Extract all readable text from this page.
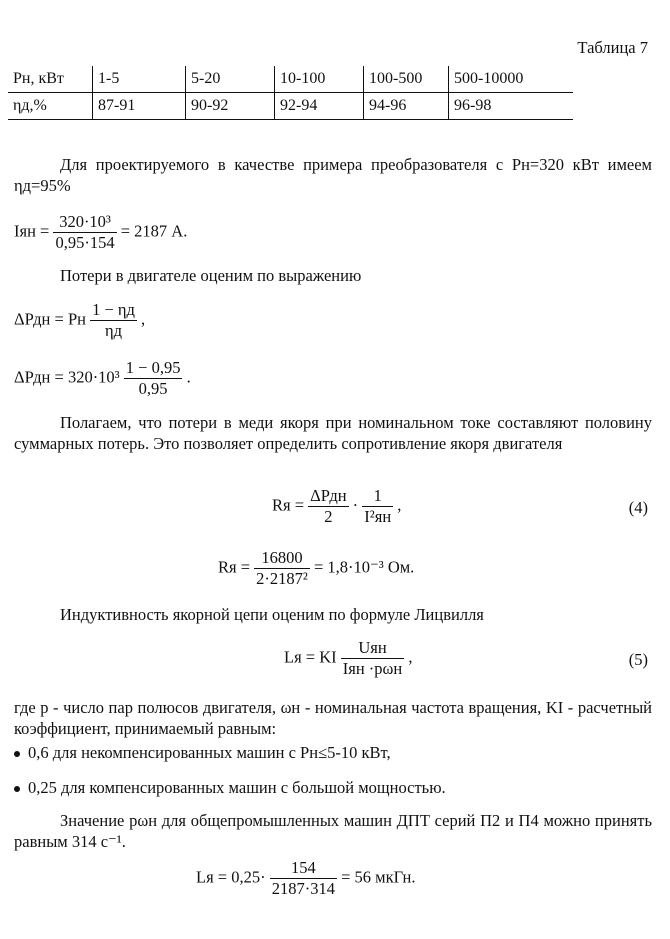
Таблица 7
Рн, кВт	1-5	5-20	10-100	100-500	500-10000
ηд,%	87-91	90-92	92-94	94-96	96-98
Для проектируемого в качестве примера преобразователя с Рн=320 кВт имеем ηд=95%
Iян = $\frac{\text{320·10³}}{0,95\cdot 154} = 2187$ А.
Потери в двигателе оценим по выражению
ΔРдн = Рн $\frac{1 - \eta д}{\eta д}$ ,
$\Delta Рдн = 320\cdot 10^3 \frac{1 - 0,95}{0,95}$ .
Полагаем, что потери в меди якоря при номинальном токе составляют половину суммарных потерь. Это позволяет определить сопротивление якоря двигателя
Rя = $\frac{\text{ΔРдн}}{2} \cdot \frac{1}{\text{I²ян}}$ ,	(4)
Rя = $\frac{16800}{\text{2·2187²}} = 1,8\cdot 10^{-3}$ Ом.
Индуктивность якорной цепи оценим по формуле Лицвилля
Lя = KI $\frac{\text{Uян}}{\text{Iян ·pωн}}$ ,	(5)
где p - число пар полюсов двигателя, ωн - номинальная частота вращения, KI - расчетный коэффициент, принимаемый равным:
0,6 для некомпенсированных машин с Рн≤5-10 кВт,
0,25 для компенсированных машин с большой мощностью.
Значение pωн для общепромышленных машин ДПТ серий П2 и П4 можно принять равным 314 с⁻¹.
Lя = $0,25\cdot \frac{154}{2187\cdot 314} = 56$ мкГн.
